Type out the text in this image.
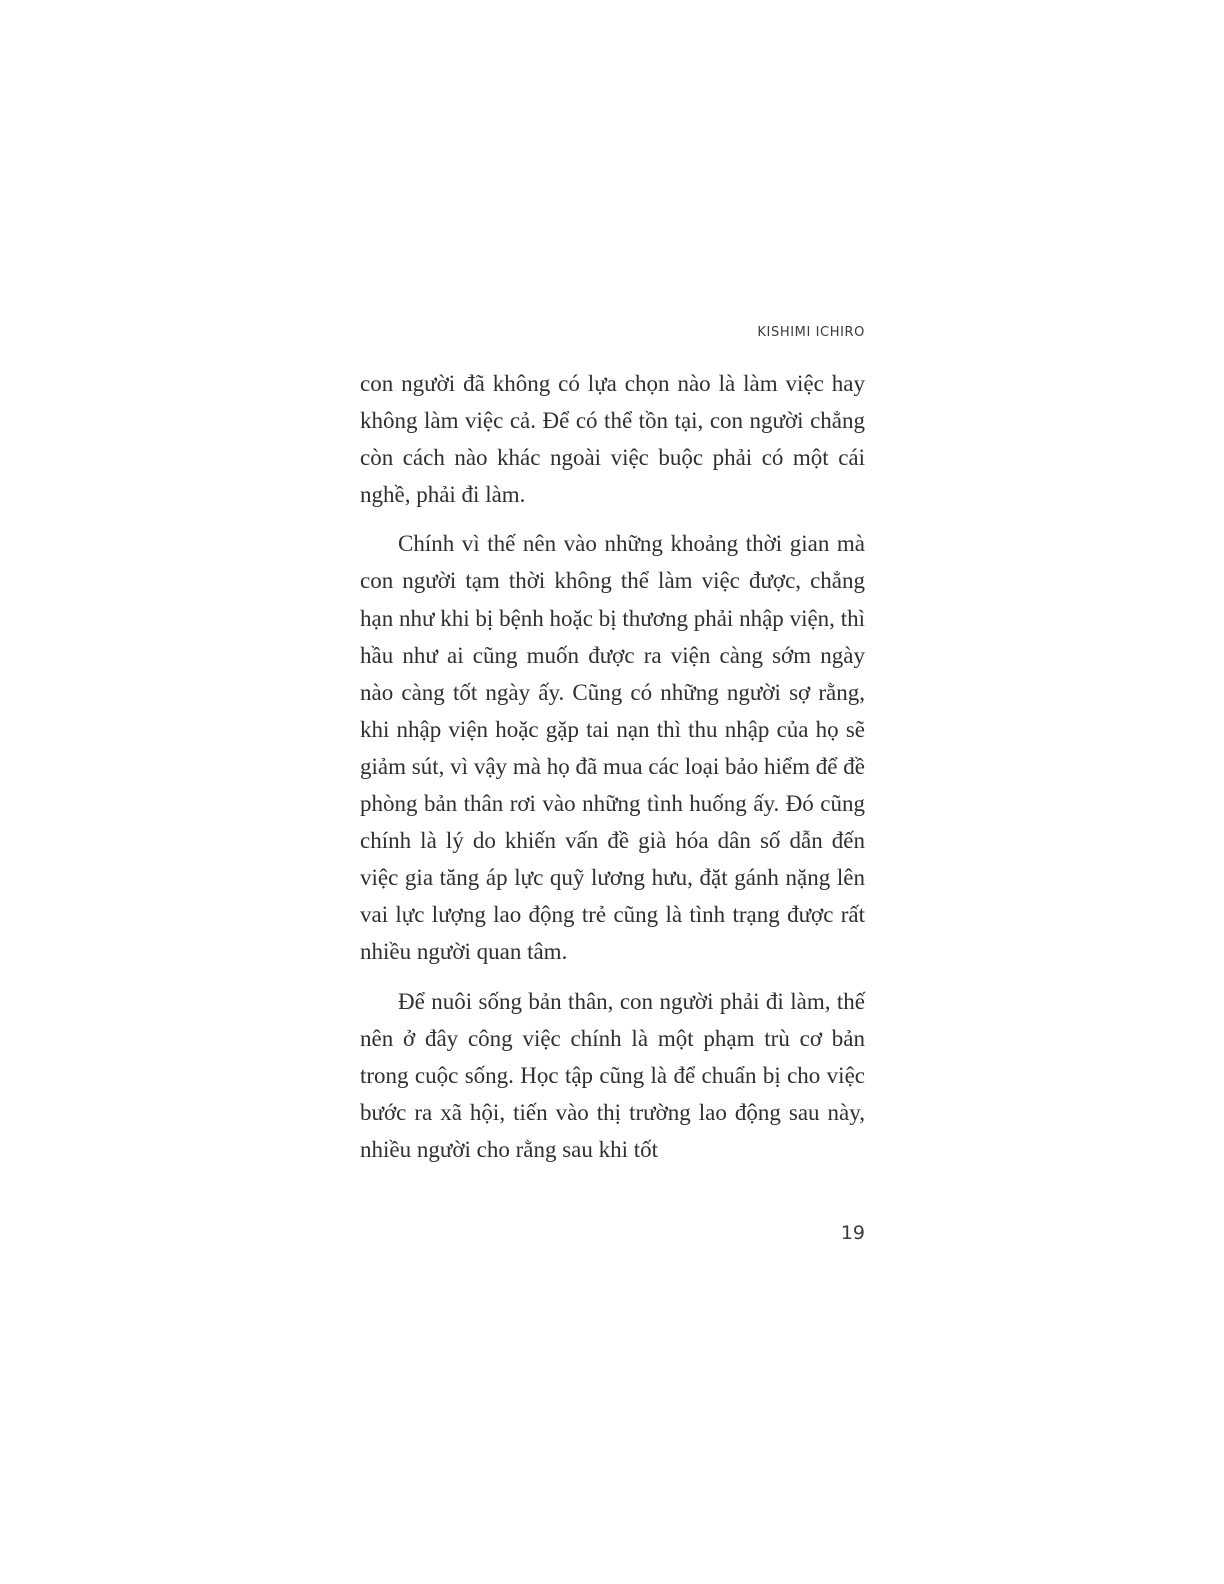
KISHIMI ICHIRO

con người đã không có lựa chọn nào là làm việc hay không làm việc cả. Để có thể tồn tại, con người chẳng còn cách nào khác ngoài việc buộc phải có một cái nghề, phải đi làm.

Chính vì thế nên vào những khoảng thời gian mà con người tạm thời không thể làm việc được, chẳng hạn như khi bị bệnh hoặc bị thương phải nhập viện, thì hầu như ai cũng muốn được ra viện càng sớm ngày nào càng tốt ngày ấy. Cũng có những người sợ rằng, khi nhập viện hoặc gặp tai nạn thì thu nhập của họ sẽ giảm sút, vì vậy mà họ đã mua các loại bảo hiểm để đề phòng bản thân rơi vào những tình huống ấy. Đó cũng chính là lý do khiến vấn đề già hóa dân số dẫn đến việc gia tăng áp lực quỹ lương hưu, đặt gánh nặng lên vai lực lượng lao động trẻ cũng là tình trạng được rất nhiều người quan tâm.

Để nuôi sống bản thân, con người phải đi làm, thế nên ở đây công việc chính là một phạm trù cơ bản trong cuộc sống. Học tập cũng là để chuẩn bị cho việc bước ra xã hội, tiến vào thị trường lao động sau này, nhiều người cho rằng sau khi tốt

19
